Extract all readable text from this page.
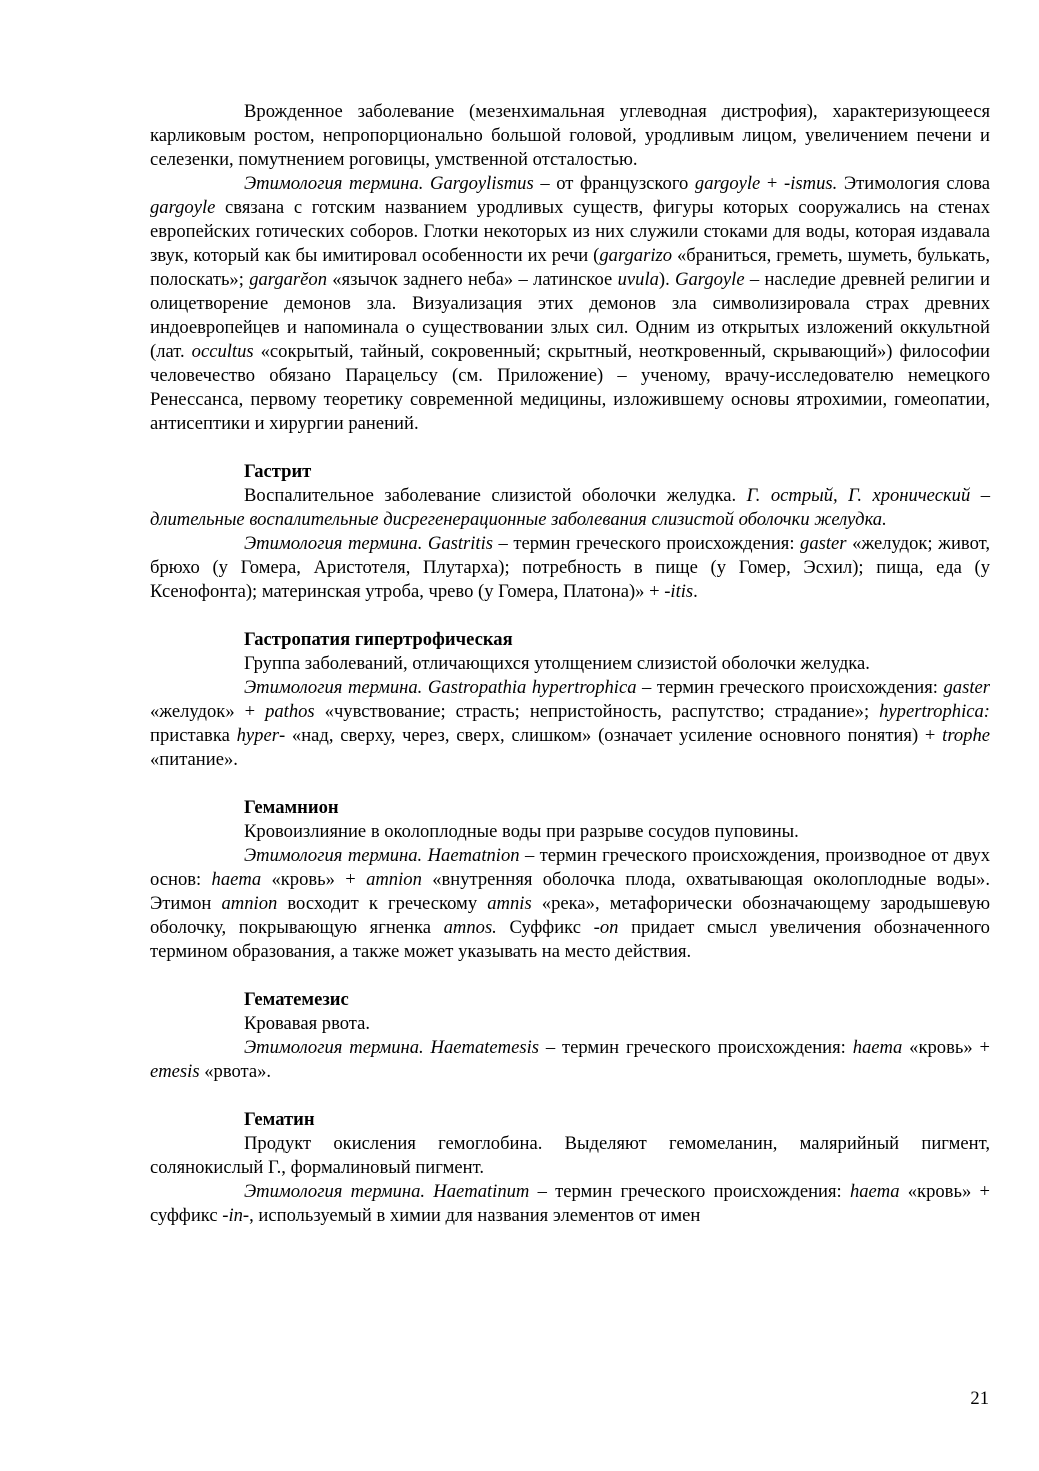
Врожденное заболевание (мезенхимальная углеводная дистрофия), характеризующееся карликовым ростом, непропорционально большой головой, уродливым лицом, увеличением печени и селезенки, помутнением роговицы, умственной отсталостью.

Этимология термина. Gargoylismus – от французского gargoyle + -ismus. Этимология слова gargoyle связана с готским названием уродливых существ, фигуры которых сооружались на стенах европейских готических соборов. Глотки некоторых из них служили стоками для воды, которая издавала звук, который как бы имитировал особенности их речи (gargarizo «браниться, греметь, шуметь, булькать, полоскать»; gargarĕon «язычок заднего неба» – латинское uvula). Gargoyle – наследие древней религии и олицетворение демонов зла. Визуализация этих демонов зла символизировала страх древних индоевропейцев и напоминала о существовании злых сил. Одним из открытых изложений оккультной (лат. occultus «сокрытый, тайный, сокровенный; скрытный, неоткровенный, скрывающий») философии человечество обязано Парацельсу (см. Приложение) – ученому, врачу-исследователю немецкого Ренессанса, первому теоретику современной медицины, изложившему основы ятрохимии, гомеопатии, антисептики и хирургии ранений.

Гастрит

Воспалительное заболевание слизистой оболочки желудка. Г. острый, Г. хронический – длительные воспалительные дисрегенерационные заболевания слизистой оболочки желудка.

Этимология термина. Gastritis – термин греческого происхождения: gaster «желудок; живот, брюхо (у Гомера, Аристотеля, Плутарха); потребность в пище (у Гомер, Эсхил); пища, еда (у Ксенофонта); материнская утроба, чрево (у Гомера, Платона)» + -itis.

Гастропатия гипертрофическая

Группа заболеваний, отличающихся утолщением слизистой оболочки желудка.

Этимология термина. Gastropathia hypertrophica – термин греческого происхождения: gaster «желудок» + pathos «чувствование; страсть; непристойность, распутство; страдание»; hypertrophica: приставка hyper- «над, сверху, через, сверх, слишком» (означает усиление основного понятия) + trophe «питание».

Гемамнион

Кровоизлияние в околоплодные воды при разрыве сосудов пуповины.

Этимология термина. Haematnion – термин греческого происхождения, производное от двух основ: haema «кровь» + amnion «внутренняя оболочка плода, охватывающая околоплодные воды». Этимон amnion восходит к греческому amnis «река», метафорически обозначающему зародышевую оболочку, покрывающую ягненка amnos. Суффикс -on придает смысл увеличения обозначенного термином образования, а также может указывать на место действия.

Гематемезис

Кровавая рвота.

Этимология термина. Haematemesis – термин греческого происхождения: haema «кровь» + emesis «рвота».

Гематин

Продукт окисления гемоглобина. Выделяют гемомеланин, малярийный пигмент, солянокислый Г., формалиновый пигмент.

Этимология термина. Haematinum – термин греческого происхождения: haema «кровь» + суффикс -in-, используемый в химии для названия элементов от имен

21
